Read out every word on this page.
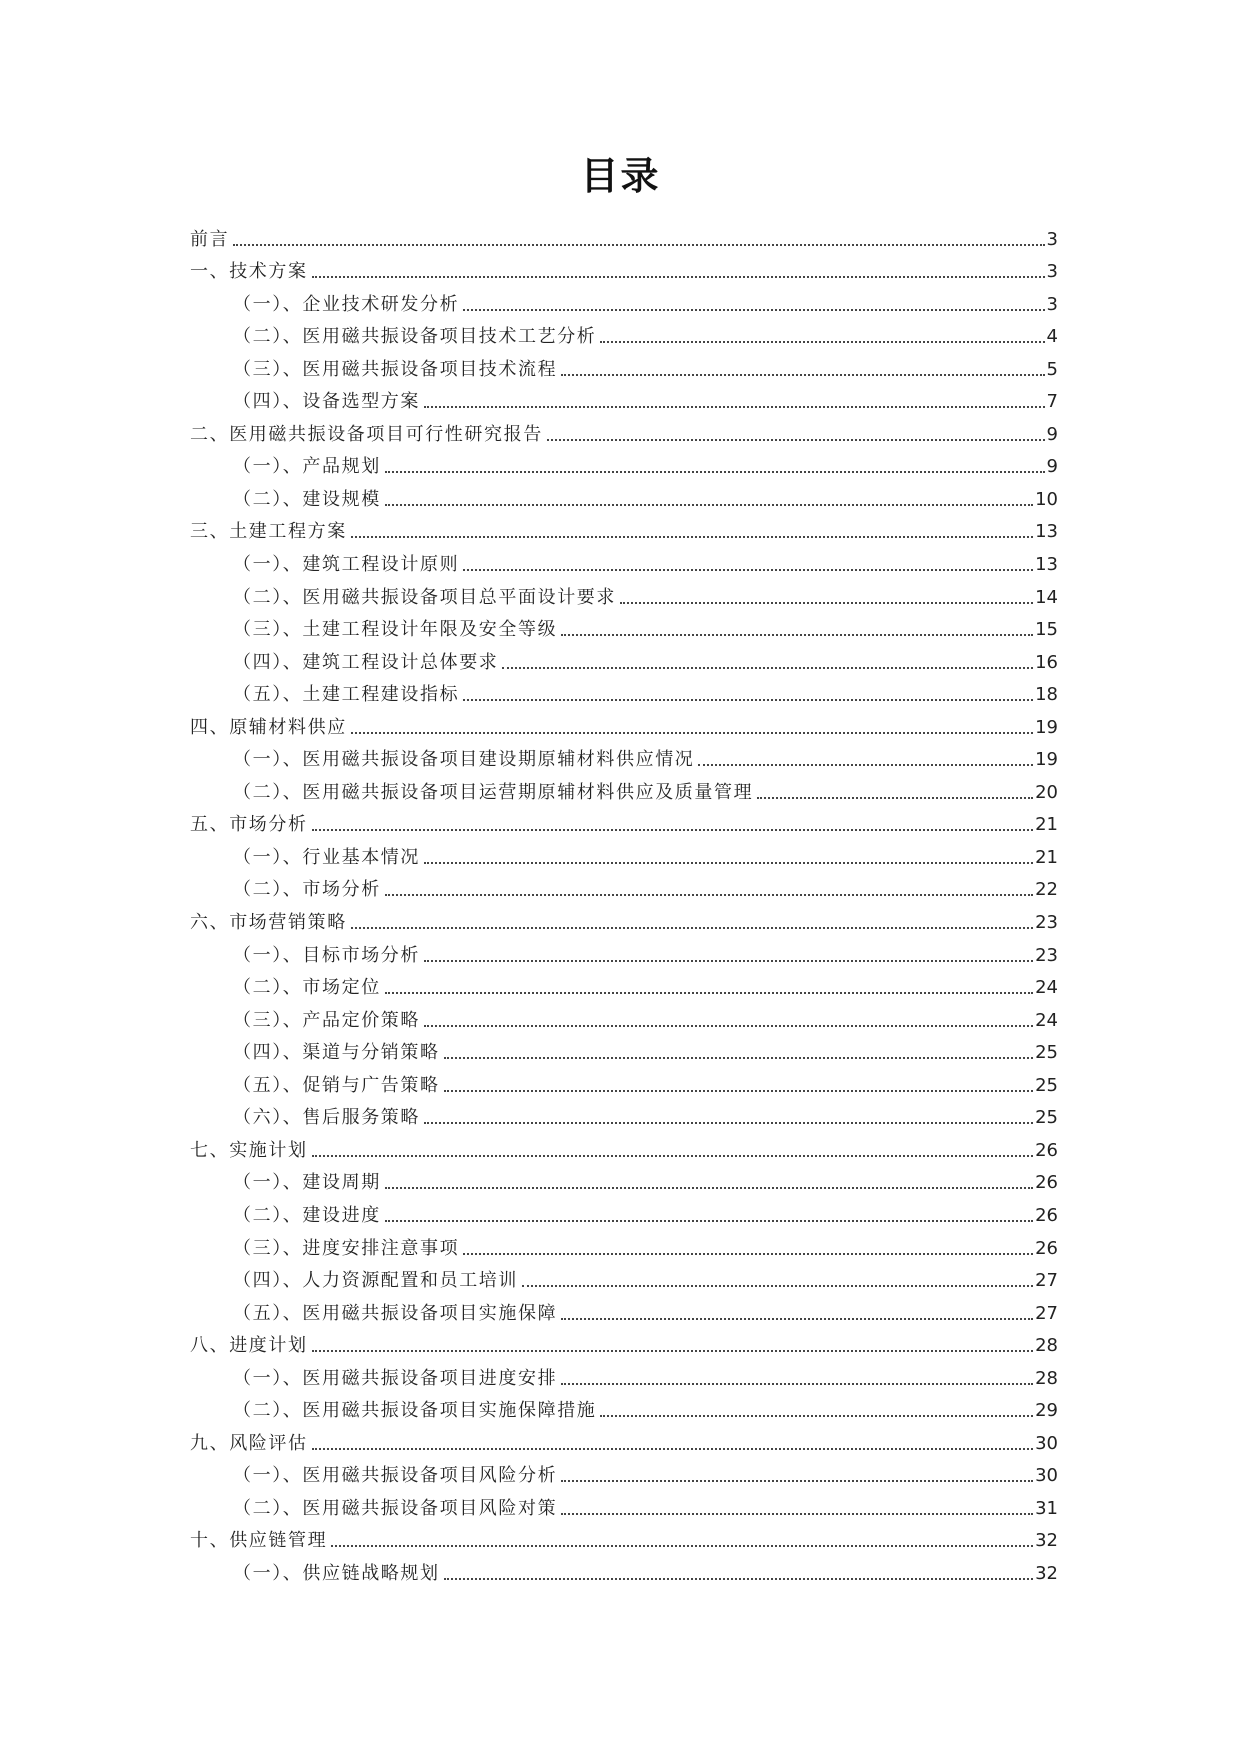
目录
前言	3
一、技术方案	3
（一）、企业技术研发分析	3
（二）、医用磁共振设备项目技术工艺分析	4
（三）、医用磁共振设备项目技术流程	5
（四）、设备选型方案	7
二、医用磁共振设备项目可行性研究报告	9
（一）、产品规划	9
（二）、建设规模	10
三、土建工程方案	13
（一）、建筑工程设计原则	13
（二）、医用磁共振设备项目总平面设计要求	14
（三）、土建工程设计年限及安全等级	15
（四）、建筑工程设计总体要求	16
（五）、土建工程建设指标	18
四、原辅材料供应	19
（一）、医用磁共振设备项目建设期原辅材料供应情况	19
（二）、医用磁共振设备项目运营期原辅材料供应及质量管理	20
五、市场分析	21
（一）、行业基本情况	21
（二）、市场分析	22
六、市场营销策略	23
（一）、目标市场分析	23
（二）、市场定位	24
（三）、产品定价策略	24
（四）、渠道与分销策略	25
（五）、促销与广告策略	25
（六）、售后服务策略	25
七、实施计划	26
（一）、建设周期	26
（二）、建设进度	26
（三）、进度安排注意事项	26
（四）、人力资源配置和员工培训	27
（五）、医用磁共振设备项目实施保障	27
八、进度计划	28
（一）、医用磁共振设备项目进度安排	28
（二）、医用磁共振设备项目实施保障措施	29
九、风险评估	30
（一）、医用磁共振设备项目风险分析	30
（二）、医用磁共振设备项目风险对策	31
十、供应链管理	32
（一）、供应链战略规划	32
